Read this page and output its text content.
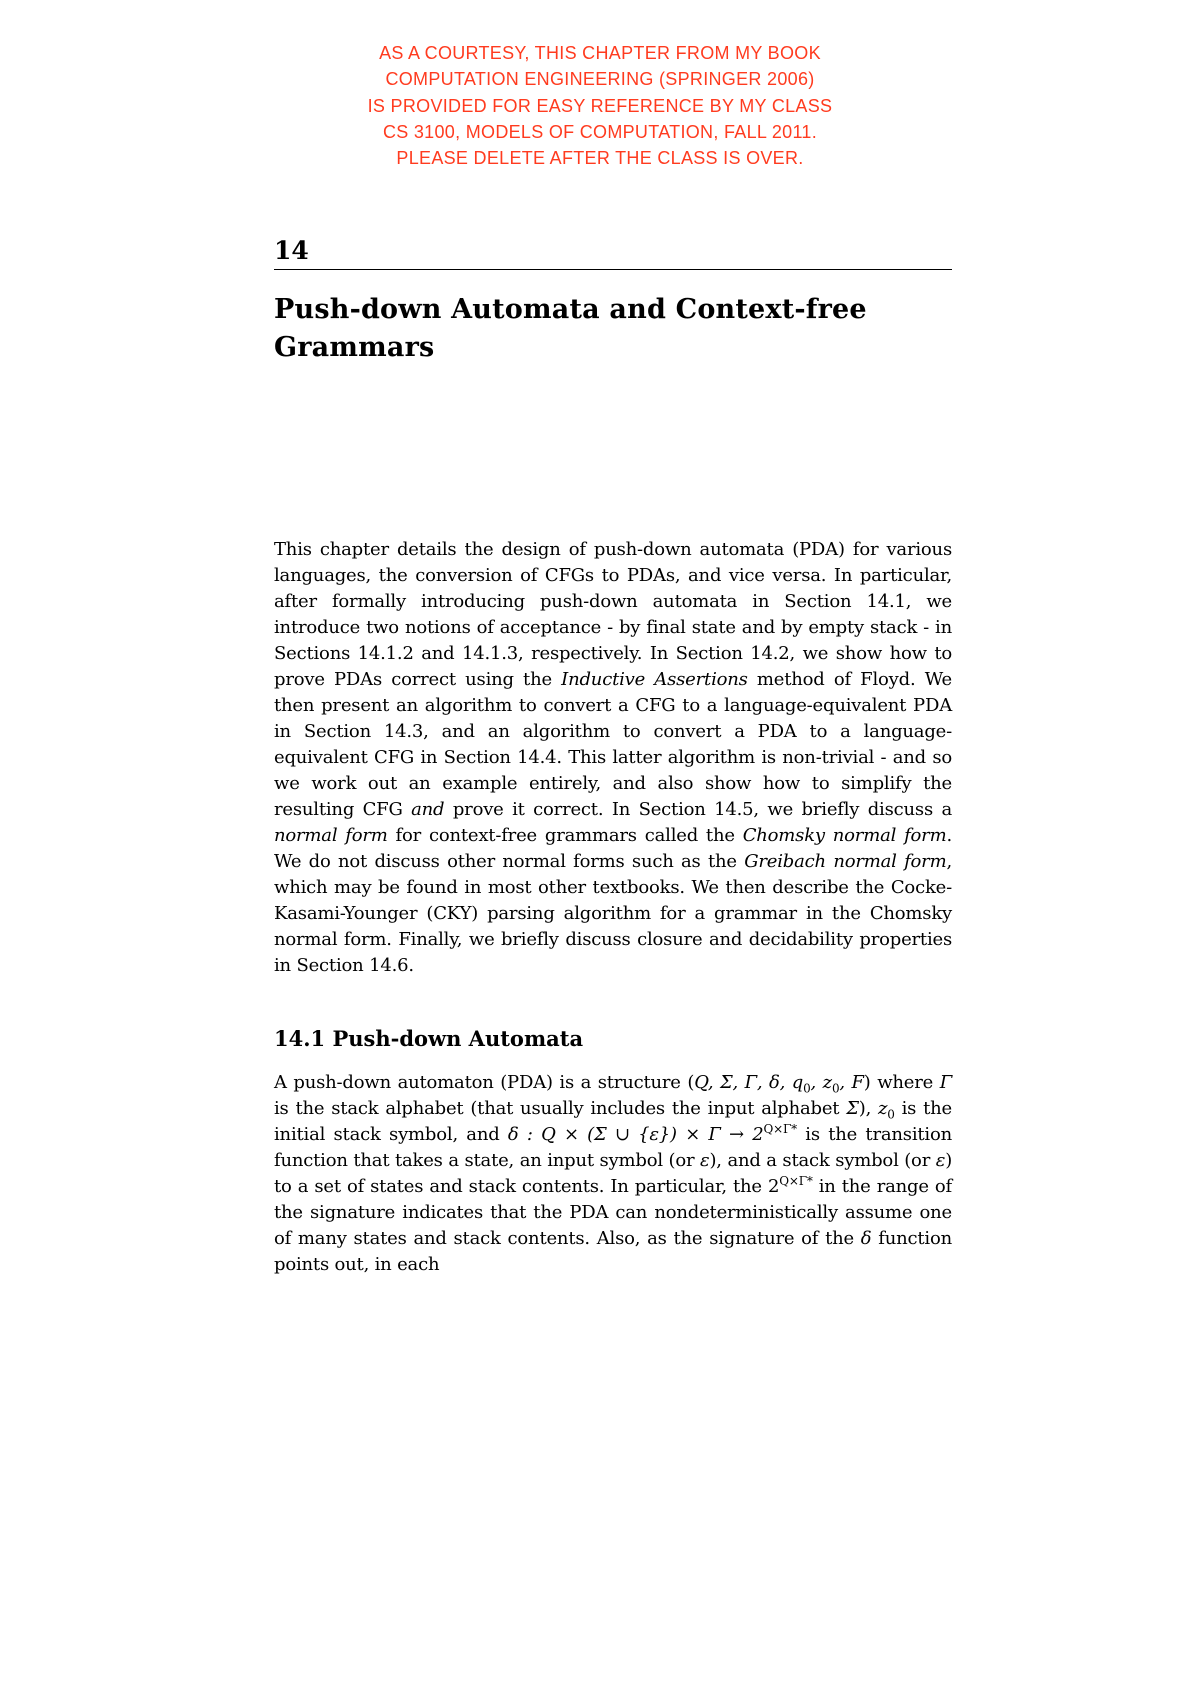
AS A COURTESY, THIS CHAPTER FROM MY BOOK
COMPUTATION ENGINEERING (SPRINGER 2006)
IS PROVIDED FOR EASY REFERENCE BY MY CLASS
CS 3100, MODELS OF COMPUTATION, FALL 2011.
PLEASE DELETE AFTER THE CLASS IS OVER.
14
Push-down Automata and Context-free
Grammars

This chapter details the design of push-down automata (PDA) for various languages, the conversion of CFGs to PDAs, and vice versa. In particular, after formally introducing push-down automata in Section 14.1, we introduce two notions of acceptance - by final state and by empty stack - in Sections 14.1.2 and 14.1.3, respectively. In Section 14.2, we show how to prove PDAs correct using the Inductive Assertions method of Floyd. We then present an algorithm to convert a CFG to a language-equivalent PDA in Section 14.3, and an algorithm to convert a PDA to a language-equivalent CFG in Section 14.4. This latter algorithm is non-trivial - and so we work out an example entirely, and also show how to simplify the resulting CFG and prove it correct. In Section 14.5, we briefly discuss a normal form for context-free grammars called the Chomsky normal form. We do not discuss other normal forms such as the Greibach normal form, which may be found in most other textbooks. We then describe the Cocke-Kasami-Younger (CKY) parsing algorithm for a grammar in the Chomsky normal form. Finally, we briefly discuss closure and decidability properties in Section 14.6.

14.1 Push-down Automata

A push-down automaton (PDA) is a structure (Q, Σ, Γ, δ, $q_0$, $z_0$, F) where Γ is the stack alphabet (that usually includes the input alphabet Σ), $z_0$ is the initial stack symbol, and δ : Q × (Σ ∪ $\{\varepsilon\}) \times \Gamma \to 2^{Q\times\Gamma*}$ is the transition function that takes a state, an input symbol (or ε), and a stack symbol (or ε) to a set of states and stack contents. In particular, the $2^{Q\times\Gamma*}$ in the range of the signature indicates that the PDA can nondeterministically assume one of many states and stack contents. Also, as the signature of the δ function points out, in each
